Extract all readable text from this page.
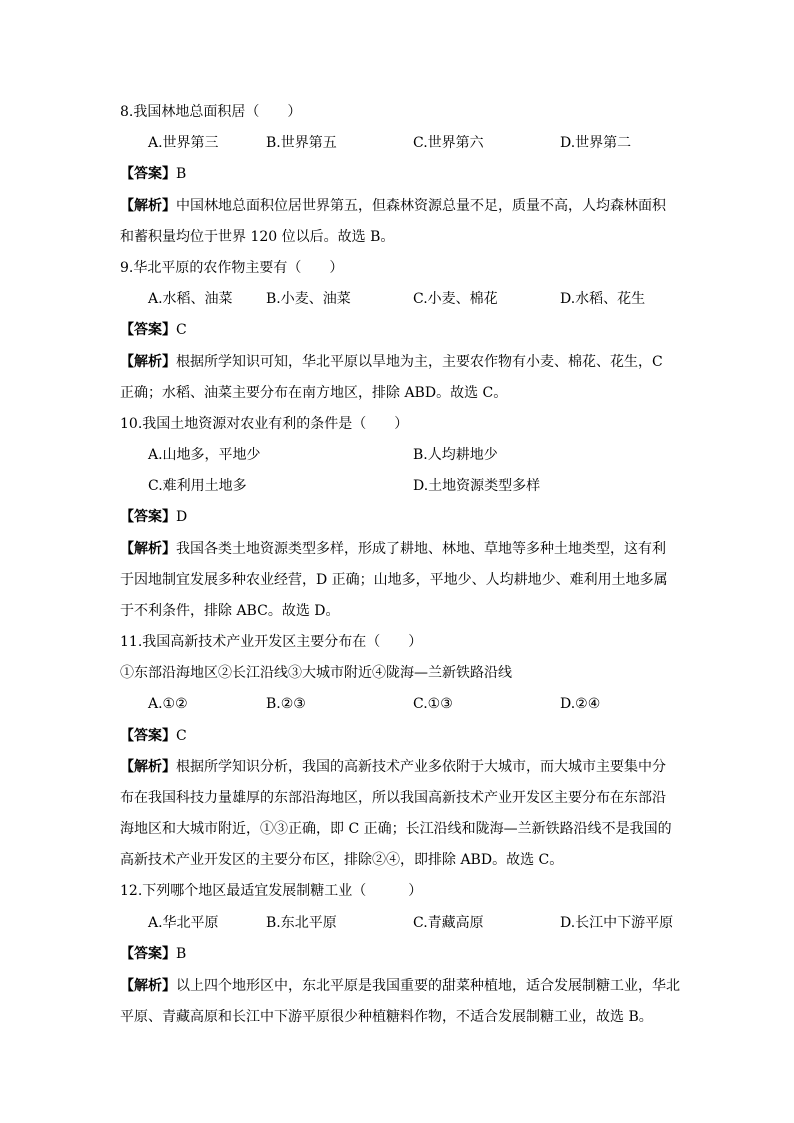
8.我国林地总面积居（　　）
A.世界第三	B.世界第五	C.世界第六	D.世界第二
【答案】B
【解析】中国林地总面积位居世界第五，但森林资源总量不足，质量不高，人均森林面积
和蓄积量均位于世界 120 位以后。故选 B。
9.华北平原的农作物主要有（　　）
A.水稻、油菜 B.小麦、油菜	C.小麦、棉花	D.水稻、花生
【答案】C
【解析】根据所学知识可知，华北平原以旱地为主，主要农作物有小麦、棉花、花生，C
正确；水稻、油菜主要分布在南方地区，排除 ABD。故选 C。
10.我国土地资源对农业有利的条件是（　　）
A.山地多，平地少	B.人均耕地少
C.难利用土地多	D.土地资源类型多样
【答案】D
【解析】我国各类土地资源类型多样，形成了耕地、林地、草地等多种土地类型，这有利
于因地制宜发展多种农业经营，D 正确；山地多，平地少、人均耕地少、难利用土地多属
于不利条件，排除 ABC。故选 D。
11.我国高新技术产业开发区主要分布在（　　）
①东部沿海地区②长江沿线③大城市附近④陇海—兰新铁路沿线
A.①②	B.②③	C.①③	D.②④
【答案】C
【解析】根据所学知识分析，我国的高新技术产业多依附于大城市，而大城市主要集中分
布在我国科技力量雄厚的东部沿海地区，所以我国高新技术产业开发区主要分布在东部沿
海地区和大城市附近，①③正确，即 C 正确；长江沿线和陇海—兰新铁路沿线不是我国的
高新技术产业开发区的主要分布区，排除②④，即排除 ABD。故选 C。
12.下列哪个地区最适宜发展制糖工业（　　　）
A.华北平原	B.东北平原	C.青藏高原	D.长江中下游平原
【答案】B
【解析】以上四个地形区中，东北平原是我国重要的甜菜种植地，适合发展制糖工业，华北
平原、青藏高原和长江中下游平原很少种植糖料作物，不适合发展制糖工业，故选 B。
